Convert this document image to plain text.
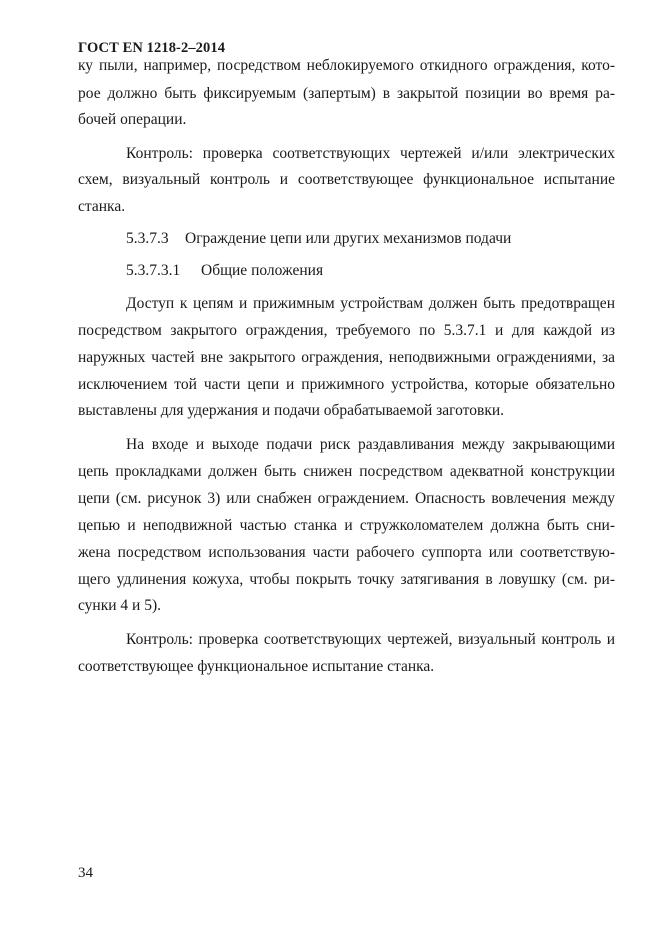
ГОСТ EN 1218-2–2014
ку пыли, например, посредством неблокируемого откидного ограждения, кото-
рое должно быть фиксируемым (запертым) в закрытой позиции во время ра-
бочей операции.
Контроль: проверка соответствующих чертежей и/или электрических
схем, визуальный контроль и соответствующее функциональное испытание
станка.
5.3.7.3 Ограждение цепи или других механизмов подачи
5.3.7.3.1 Общие положения
Доступ к цепям и прижимным устройствам должен быть предотвращен
посредством закрытого ограждения, требуемого по 5.3.7.1 и для каждой из
наружных частей вне закрытого ограждения, неподвижными ограждениями, за
исключением той части цепи и прижимного устройства, которые обязательно
выставлены для удержания и подачи обрабатываемой заготовки.
На входе и выходе подачи риск раздавливания между закрывающими
цепь прокладками должен быть снижен посредством адекватной конструкции
цепи (см. рисунок 3) или снабжен ограждением. Опасность вовлечения между
цепью и неподвижной частью станка и стружколомателем должна быть сни-
жена посредством использования части рабочего суппорта или соответствую-
щего удлинения кожуха, чтобы покрыть точку затягивания в ловушку (см. ри-
сунки 4 и 5).
Контроль: проверка соответствующих чертежей, визуальный контроль и
соответствующее функциональное испытание станка.
34
